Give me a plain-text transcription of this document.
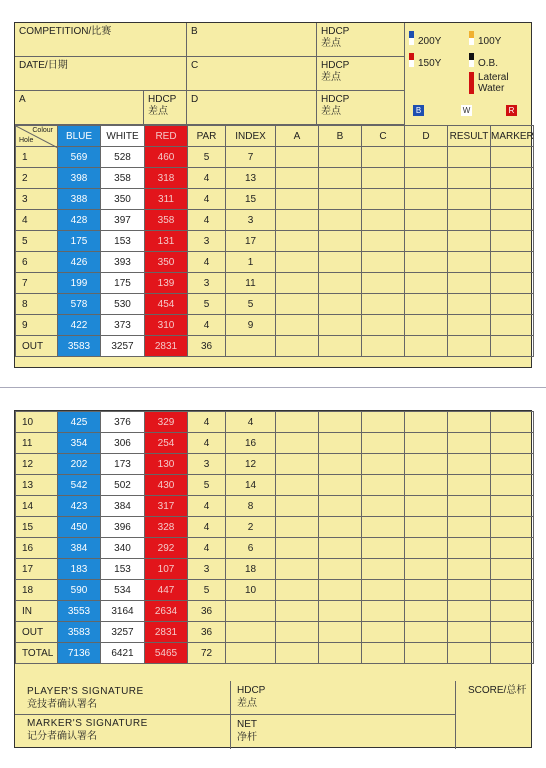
COMPETITION/比赛	B	HDCP
差点
DATE/日期	C	HDCP
差点
A	HDCP
差点
D	HDCP
差点
200Y	100Y
150Y	O.B.
Lateral
Water
B	W	R
Colour
Hole	BLUE	WHITE	RED	PAR	INDEX	A	B	C	D	RESULT	MARKER
1	569	528	460	5	7						
2	398	358	318	4	13						
3	388	350	311	4	15						
4	428	397	358	4	3						
5	175	153	131	3	17						
6	426	393	350	4	1						
7	199	175	139	3	11						
8	578	530	454	5	5						
9	422	373	310	4	9						
OUT	3583	3257	2831	36							
10	425	376	329	4	4						
11	354	306	254	4	16						
12	202	173	130	3	12						
13	542	502	430	5	14						
14	423	384	317	4	8						
15	450	396	328	4	2						
16	384	340	292	4	6						
17	183	153	107	3	18						
18	590	534	447	5	10						
IN	3553	3164	2634	36							
OUT	3583	3257	2831	36							
TOTAL	7136	6421	5465	72							
PLAYER'S SIGNATURE
竞技者确认署名
MARKER'S SIGNATURE
记分者确认署名
HDCP
差点
NET
净杆
SCORE/总杆
